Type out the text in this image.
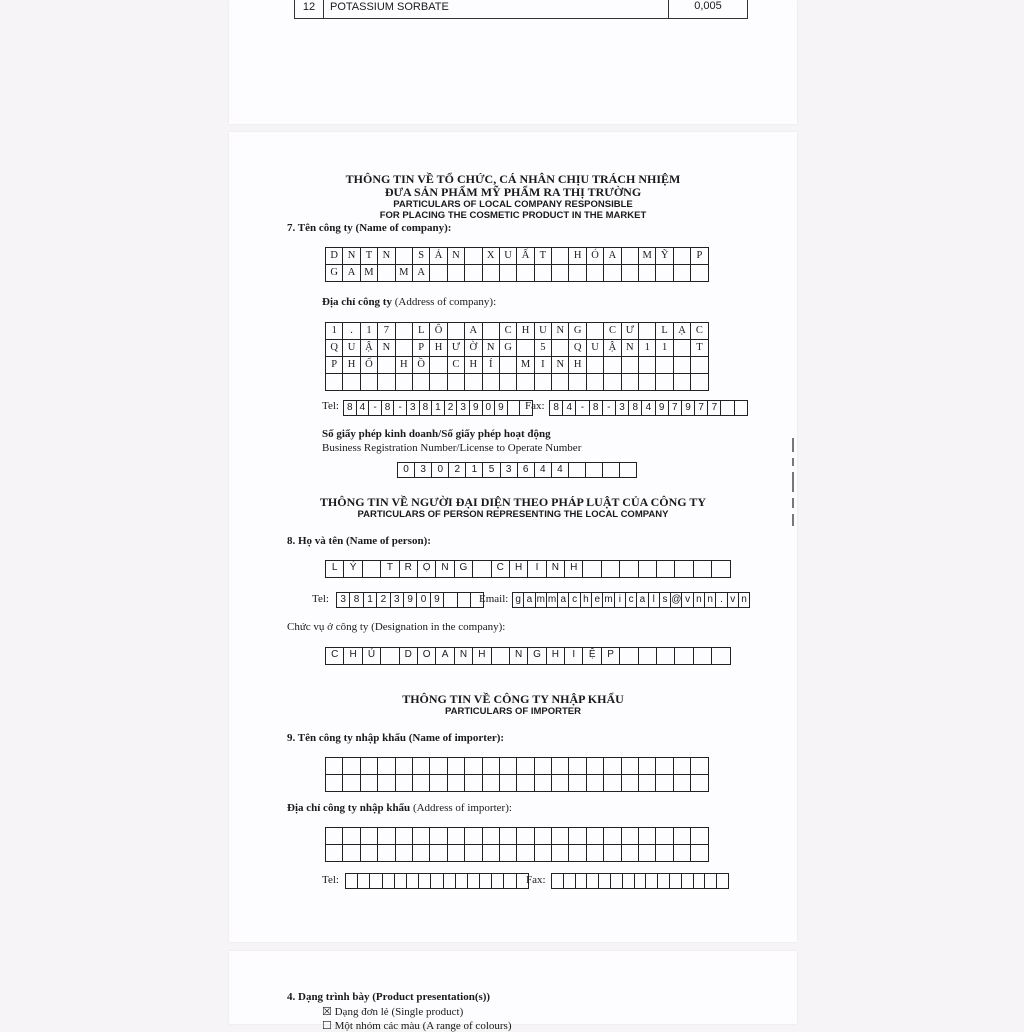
12	POTASSIUM SORBATE	0,005
THÔNG TIN VỀ TỔ CHỨC, CÁ NHÂN CHỊU TRÁCH NHIỆM
ĐƯA SẢN PHẨM MỸ PHẨM RA THỊ TRƯỜNG
PARTICULARS OF LOCAL COMPANY RESPONSIBLE
FOR PLACING THE COSMETIC PRODUCT IN THE MARKET
7. Tên công ty (Name of company):
D N T N	S	Ả N	X U Ấ T	H Ó A	M Ỹ	P
G A M	M A
Địa chỉ công ty (Address of company):
1	.	1	7	L Ô	A	C H U N G	C Ư	L Ạ C
Q U Ậ N	P	H Ư Ờ N G	5	Q U Ậ N	1	1	T
P	H Ố	H Ồ	C H	Í	M	I	N H
Tel: 8 4 - 8 - 3 8 1 2 3 9 0 9	Fax: 8 4 - 8 - 3 8 4 9 7 9 7 7
Số giấy phép kinh doanh/Số giấy phép hoạt động
Business Registration Number/License to Operate Number
0	3	0	2	1	5	3	6	4	4
THÔNG TIN VỀ NGƯỜI ĐẠI DIỆN THEO PHÁP LUẬT CỦA CÔNG TY
PARTICULARS OF PERSON REPRESENTING THE LOCAL COMPANY
8. Họ và tên (Name of person):
L	Ý	T	R	Ọ	N	G	C	H	I	N	H
Tel:	3 8 1 2 3 9 0 9	Email: g a m m a c h e m i c a l s @ v n n . v n
Chức vụ ở công ty (Designation in the company):
C	H	Ủ	D	O	A	N	H	N	G	H	I	Ệ	P
THÔNG TIN VỀ CÔNG TY NHẬP KHẨU
PARTICULARS OF IMPORTER
9. Tên công ty nhập khẩu (Name of importer):
Địa chỉ công ty nhập khẩu (Address of importer):
Tel:	Fax:
4. Dạng trình bày (Product presentation(s))
☒ Dạng đơn lẻ (Single product)
☐ Một nhóm các màu (A range of colours)
